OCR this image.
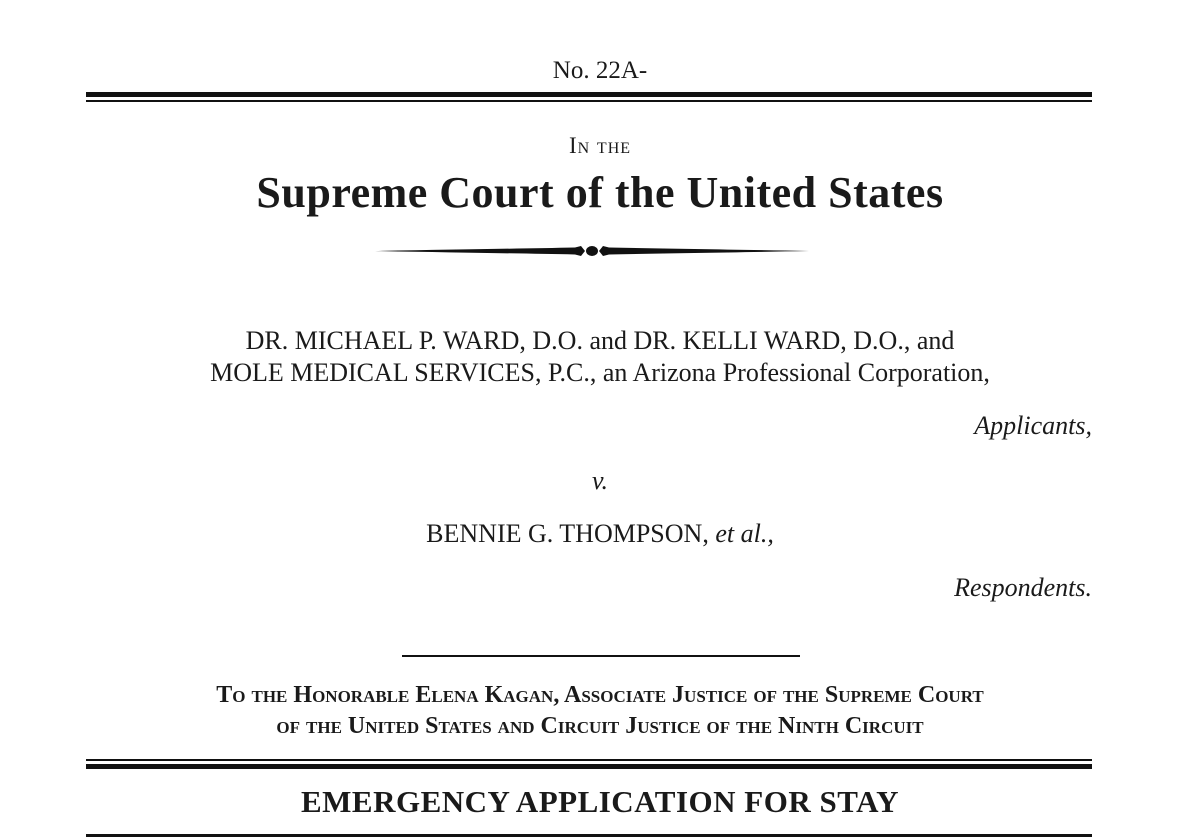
No. 22A-
In the
Supreme Court of the United States
DR. MICHAEL P. WARD, D.O. and DR. KELLI WARD, D.O., and
MOLE MEDICAL SERVICES, P.C., an Arizona Professional Corporation,
Applicants,
v.
BENNIE G. THOMPSON, et al.,
Respondents.
To the Honorable Elena Kagan, Associate Justice of the Supreme Court
of the United States and Circuit Justice of the Ninth Circuit
EMERGENCY APPLICATION FOR STAY
